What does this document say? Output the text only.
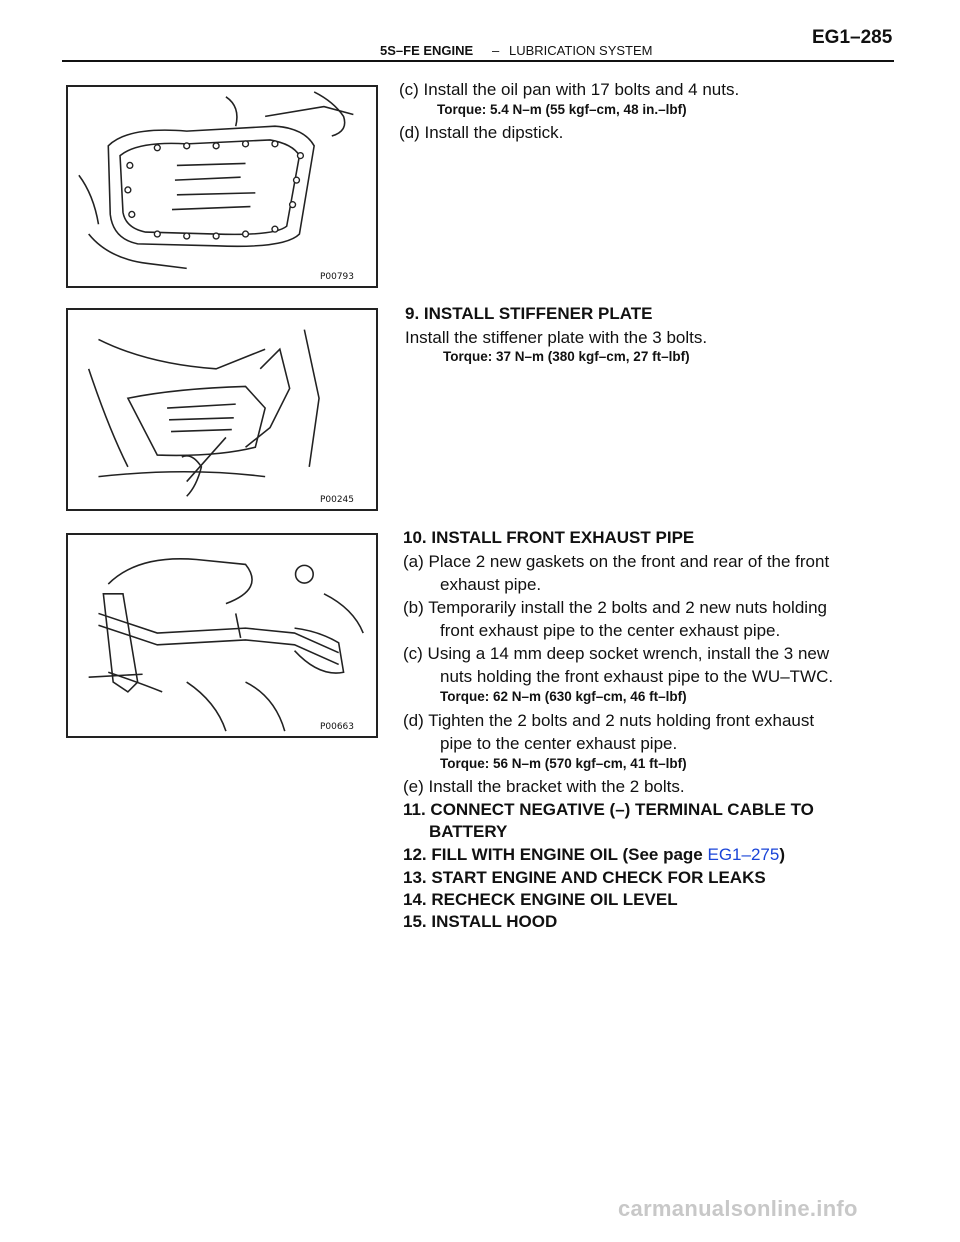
5S–FE ENGINE – LUBRICATION SYSTEM
EG1–285
P00793
P00245
P00663
(c) Install the oil pan with 17 bolts and 4 nuts.
Torque: 5.4 N–m (55 kgf–cm, 48 in.–lbf)
(d) Install the dipstick.
9. INSTALL STIFFENER PLATE
Install the stiffener plate with the 3 bolts.
Torque: 37 N–m (380 kgf–cm, 27 ft–lbf)
10. INSTALL FRONT EXHAUST PIPE
(a) Place 2 new gaskets on the front and rear of the front
exhaust pipe.
(b) Temporarily install the 2 bolts and 2 new nuts holding
front exhaust pipe to the center exhaust pipe.
(c) Using a 14 mm deep socket wrench, install the 3 new
nuts holding the front exhaust pipe to the WU–TWC.
Torque: 62 N–m (630 kgf–cm, 46 ft–lbf)
(d) Tighten the 2 bolts and 2 nuts holding front exhaust
pipe to the center exhaust pipe.
Torque: 56 N–m (570 kgf–cm, 41 ft–lbf)
(e) Install the bracket with the 2 bolts.
11. CONNECT NEGATIVE (–) TERMINAL CABLE TO
BATTERY
12. FILL WITH ENGINE OIL (See page EG1–275)
13. START ENGINE AND CHECK FOR LEAKS
14. RECHECK ENGINE OIL LEVEL
15. INSTALL HOOD
carmanualsonline.info
